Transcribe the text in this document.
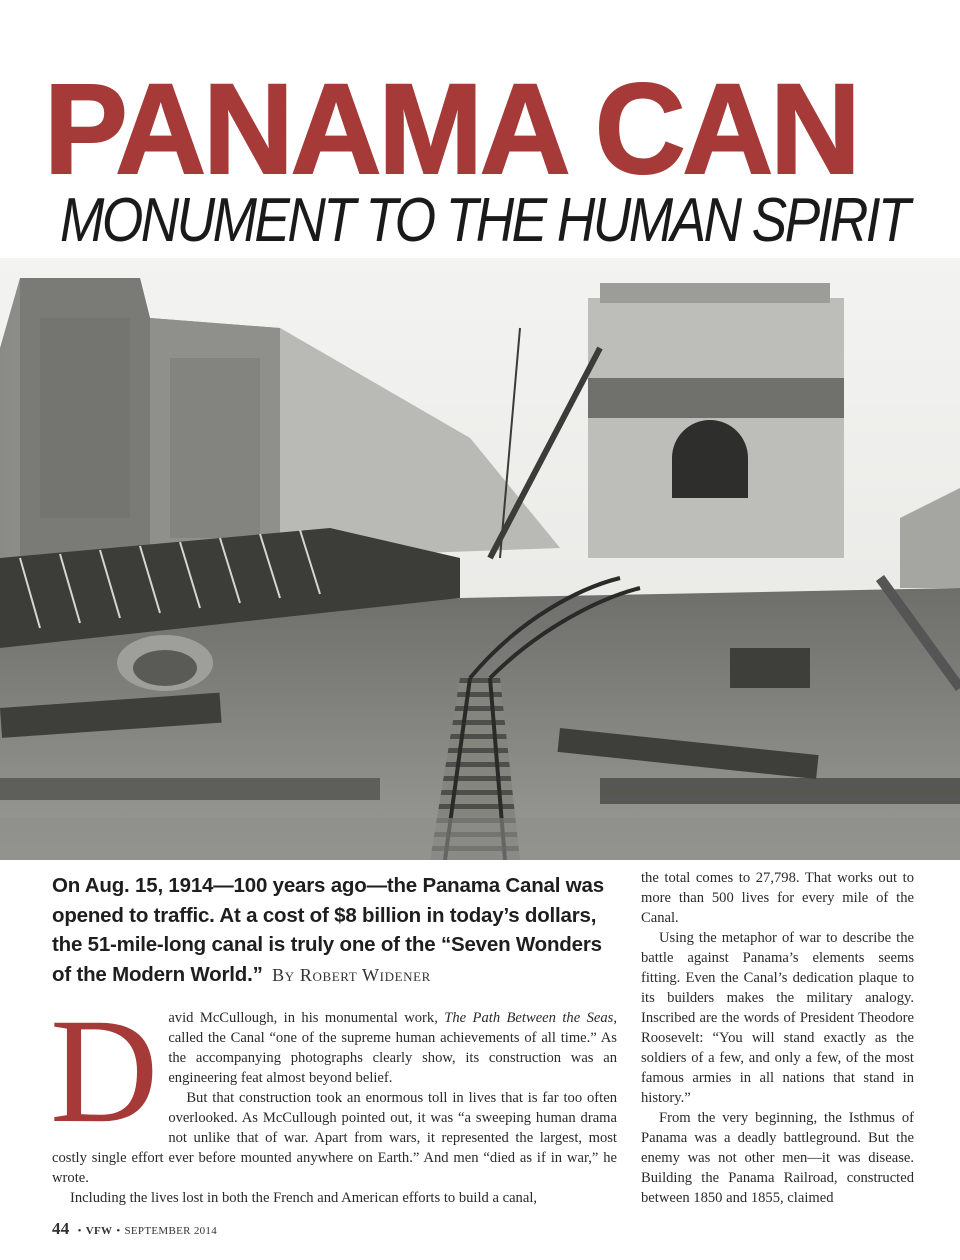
PANAMA CAN
MONUMENT TO THE HUMAN SPIRIT

On Aug. 15, 1914—100 years ago—the Panama Canal was opened to traffic. At a cost of $8 billion in today’s dollars, the 51-mile-long canal is truly one of the “Seven Wonders of the Modern World.” By Robert Widener

David McCullough, in his monumental work, The Path Between the Seas, called the Canal “one of the supreme human achievements of all time.” As the accompanying photographs clearly show, its construction was an engineering feat almost beyond belief.

But that construction took an enormous toll in lives that is far too often overlooked. As McCullough pointed out, it was “a sweeping human drama not unlike that of war. Apart from wars, it represented the largest, most costly single effort ever before mounted anywhere on Earth.” And men “died as if in war,” he wrote.

Including the lives lost in both the French and American efforts to build a canal,

the total comes to 27,798. That works out to more than 500 lives for every mile of the Canal.

Using the metaphor of war to describe the battle against Panama’s elements seems fitting. Even the Canal’s dedication plaque to its builders makes the military analogy. Inscribed are the words of President Theodore Roosevelt: “You will stand exactly as the soldiers of a few, and only a few, of the most famous armies in all nations that stand in history.”

From the very beginning, the Isthmus of Panama was a deadly battleground. But the enemy was not other men—it was disease. Building the Panama Railroad, constructed between 1850 and 1855, claimed

44 • VFW • SEPTEMBER 2014
